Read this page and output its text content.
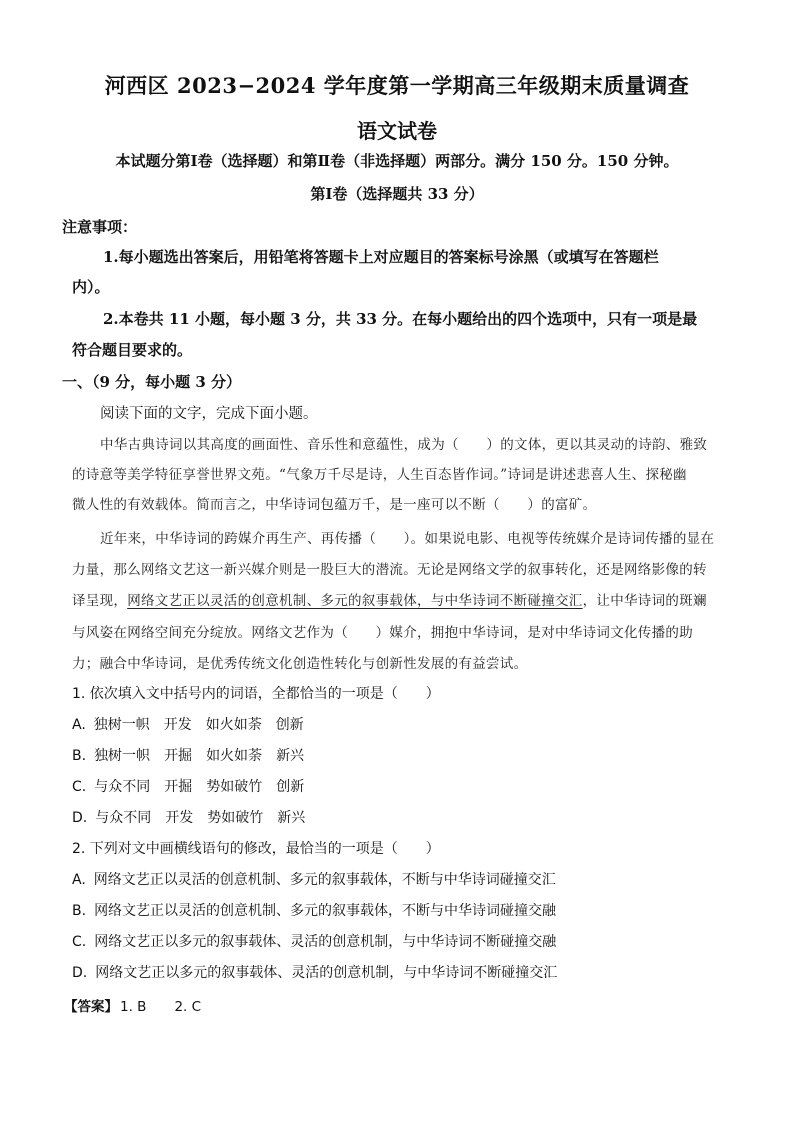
河西区 2023−2024 学年度第一学期高三年级期末质量调查
语文试卷
本试题分第Ⅰ卷（选择题）和第Ⅱ卷（非选择题）两部分。满分 150 分。150 分钟。
第Ⅰ卷（选择题共 33 分）
注意事项：
1.每小题选出答案后，用铅笔将答题卡上对应题目的答案标号涂黑（或填写在答题栏
内）。
2.本卷共 11 小题，每小题 3 分，共 33 分。在每小题给出的四个选项中，只有一项是最
符合题目要求的。
一、（9 分，每小题 3 分）
阅读下面的文字，完成下面小题。
中华古典诗词以其高度的画面性、音乐性和意蕴性，成为（　　）的文体，更以其灵动的诗韵、雅致
的诗意等美学特征享誉世界文苑。“气象万千尽是诗，人生百态皆作词。”诗词是讲述悲喜人生、探秘幽
微人性的有效载体。简而言之，中华诗词包蕴万千，是一座可以不断（　　）的富矿。
近年来，中华诗词的跨媒介再生产、再传播（　　）。如果说电影、电视等传统媒介是诗词传播的显在
力量，那么网络文艺这一新兴媒介则是一股巨大的潜流。无论是网络文学的叙事转化，还是网络影像的转
译呈现，网络文艺正以灵活的创意机制、多元的叙事载体，与中华诗词不断碰撞交汇，让中华诗词的斑斓
与风姿在网络空间充分绽放。网络文艺作为（　　）媒介，拥抱中华诗词，是对中华诗词文化传播的助
力；融合中华诗词，是优秀传统文化创造性转化与创新性发展的有益尝试。
1. 依次填入文中括号内的词语，全都恰当的一项是（　　）
A. 独树一帜 开发 如火如荼 创新
B. 独树一帜 开掘 如火如荼 新兴
C. 与众不同 开掘 势如破竹 创新
D. 与众不同 开发 势如破竹 新兴
2. 下列对文中画横线语句的修改，最恰当的一项是（　　）
A. 网络文艺正以灵活的创意机制、多元的叙事载体，不断与中华诗词碰撞交汇
B. 网络文艺正以灵活的创意机制、多元的叙事载体，不断与中华诗词碰撞交融
C. 网络文艺正以多元的叙事载体、灵活的创意机制，与中华诗词不断碰撞交融
D. 网络文艺正以多元的叙事载体、灵活的创意机制，与中华诗词不断碰撞交汇
【答案】 1. B 2. C
